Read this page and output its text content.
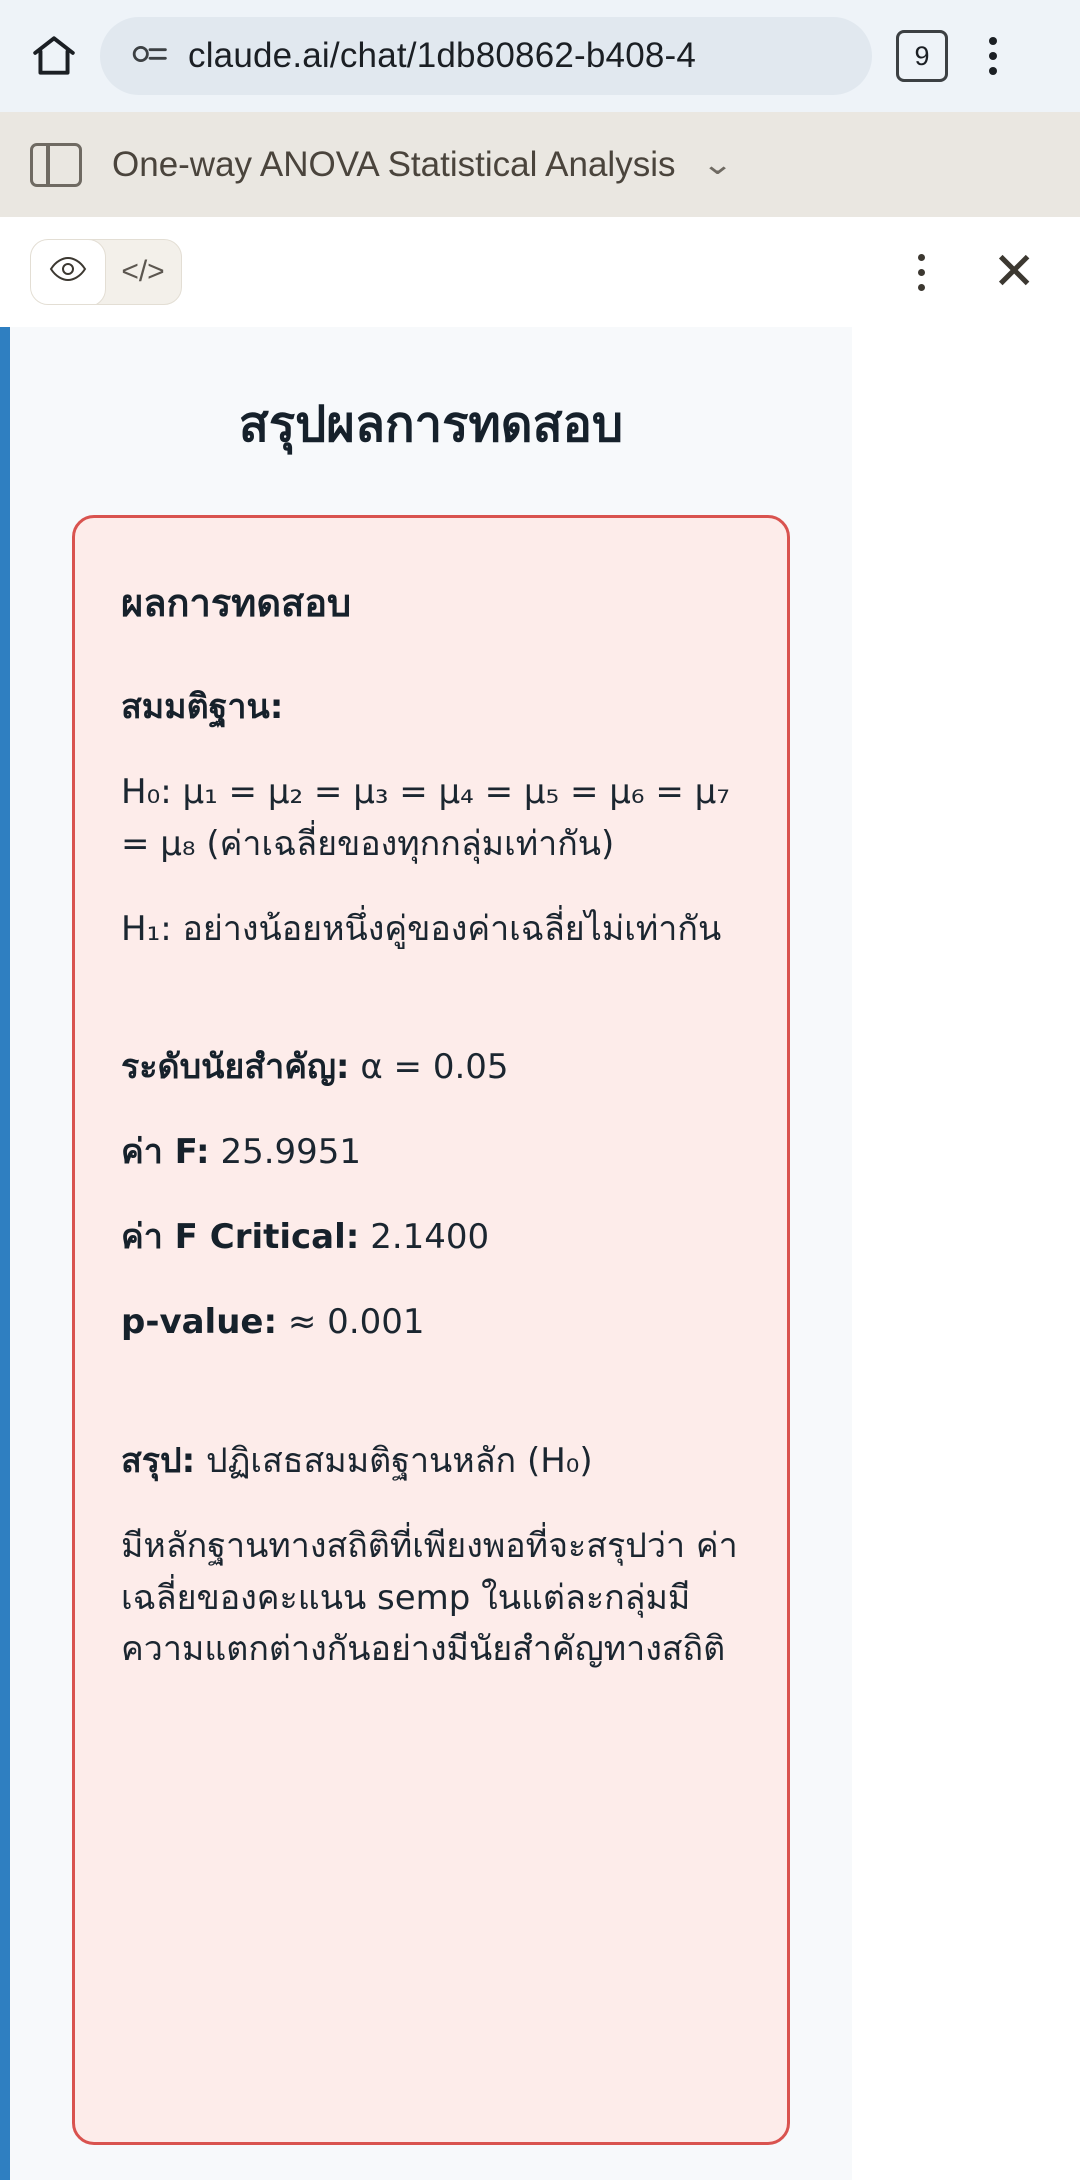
claude.ai/chat/1db80862-b408-4	9
One-way ANOVA Statistical Analysis ⌄
</>	✕
สรุปผลการทดสอบ
ผลการทดสอบ
สมมติฐาน:
H₀: μ₁ = μ₂ = μ₃ = μ₄ = μ₅ = μ₆ = μ₇ = μ₈ (ค่าเฉลี่ยของทุกกลุ่มเท่ากัน)
H₁: อย่างน้อยหนึ่งคู่ของค่าเฉลี่ยไม่เท่ากัน
ระดับนัยสำคัญ: α = 0.05
ค่า F: 25.9951
ค่า F Critical: 2.1400
p-value: ≈ 0.001
สรุป: ปฏิเสธสมมติฐานหลัก (H₀)
มีหลักฐานทางสถิติที่เพียงพอที่จะสรุปว่า ค่าเฉลี่ยของคะแนน semp ในแต่ละกลุ่มมีความแตกต่างกันอย่างมีนัยสำคัญทางสถิติ
